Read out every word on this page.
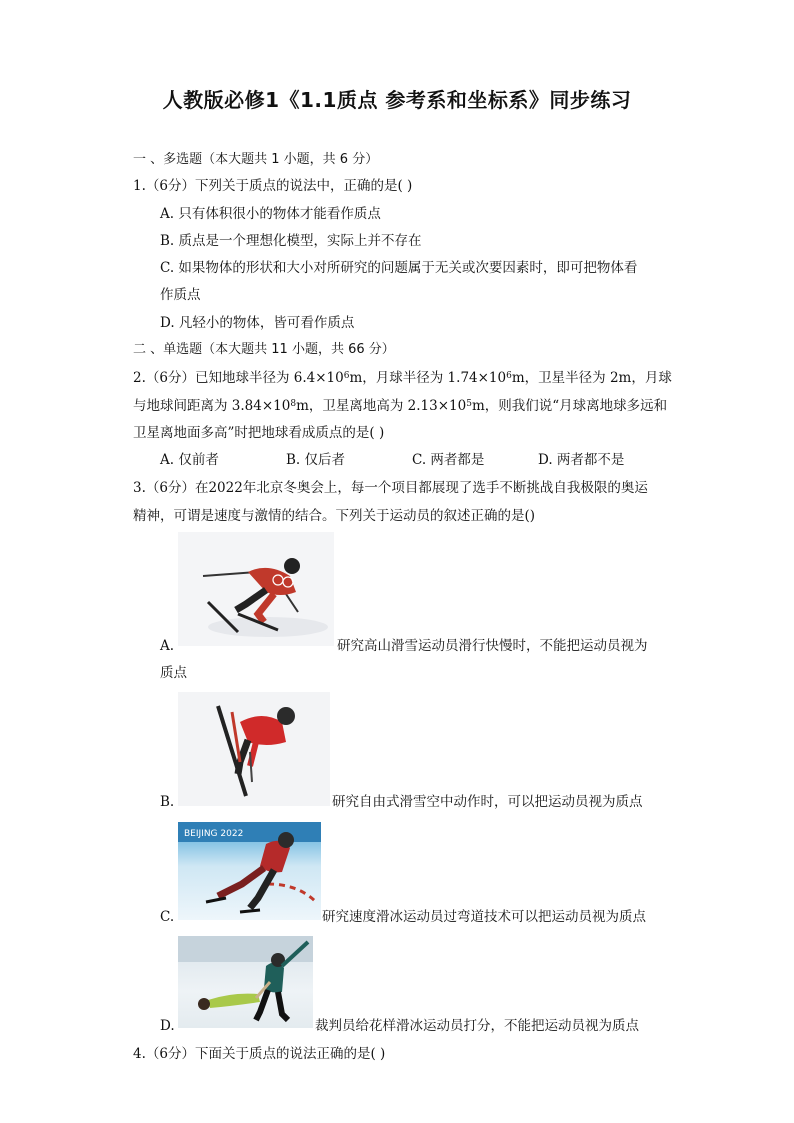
人教版必修1《1.1质点 参考系和坐标系》同步练习
一 、多选题（本大题共 1 小题，共 6 分）
1.（6分）下列关于质点的说法中，正确的是( )
A. 只有体积很小的物体才能看作质点
B. 质点是一个理想化模型，实际上并不存在
C. 如果物体的形状和大小对所研究的问题属于无关或次要因素时，即可把物体看
作质点
D. 凡轻小的物体，皆可看作质点
二 、单选题（本大题共 11 小题，共 66 分）
2.（6分）已知地球半径为 $6.4\times 10^6m$，月球半径为 $1.74\times 10^6m$，卫星半径为 2m，月球
与地球间距离为 $3.84\times 10^8m$，卫星离地高为 $2.13\times 10^5m$，则我们说“月球离地球多远和
卫星离地面多高”时把地球看成质点的是( )
A. 仅前者	B. 仅后者	C. 两者都是	D. 两者都不是
3.（6分）在2022年北京冬奥会上，每一个项目都展现了选手不断挑战自我极限的奥运
精神，可谓是速度与激情的结合。下列关于运动员的叙述正确的是()
A.	研究高山滑雪运动员滑行快慢时，不能把运动员视为
质点
B.	研究自由式滑雪空中动作时，可以把运动员视为质点
BEIJING 2022
C.	研究速度滑冰运动员过弯道技术可以把运动员视为质点
D.	裁判员给花样滑冰运动员打分，不能把运动员视为质点
4.（6分）下面关于质点的说法正确的是( )
